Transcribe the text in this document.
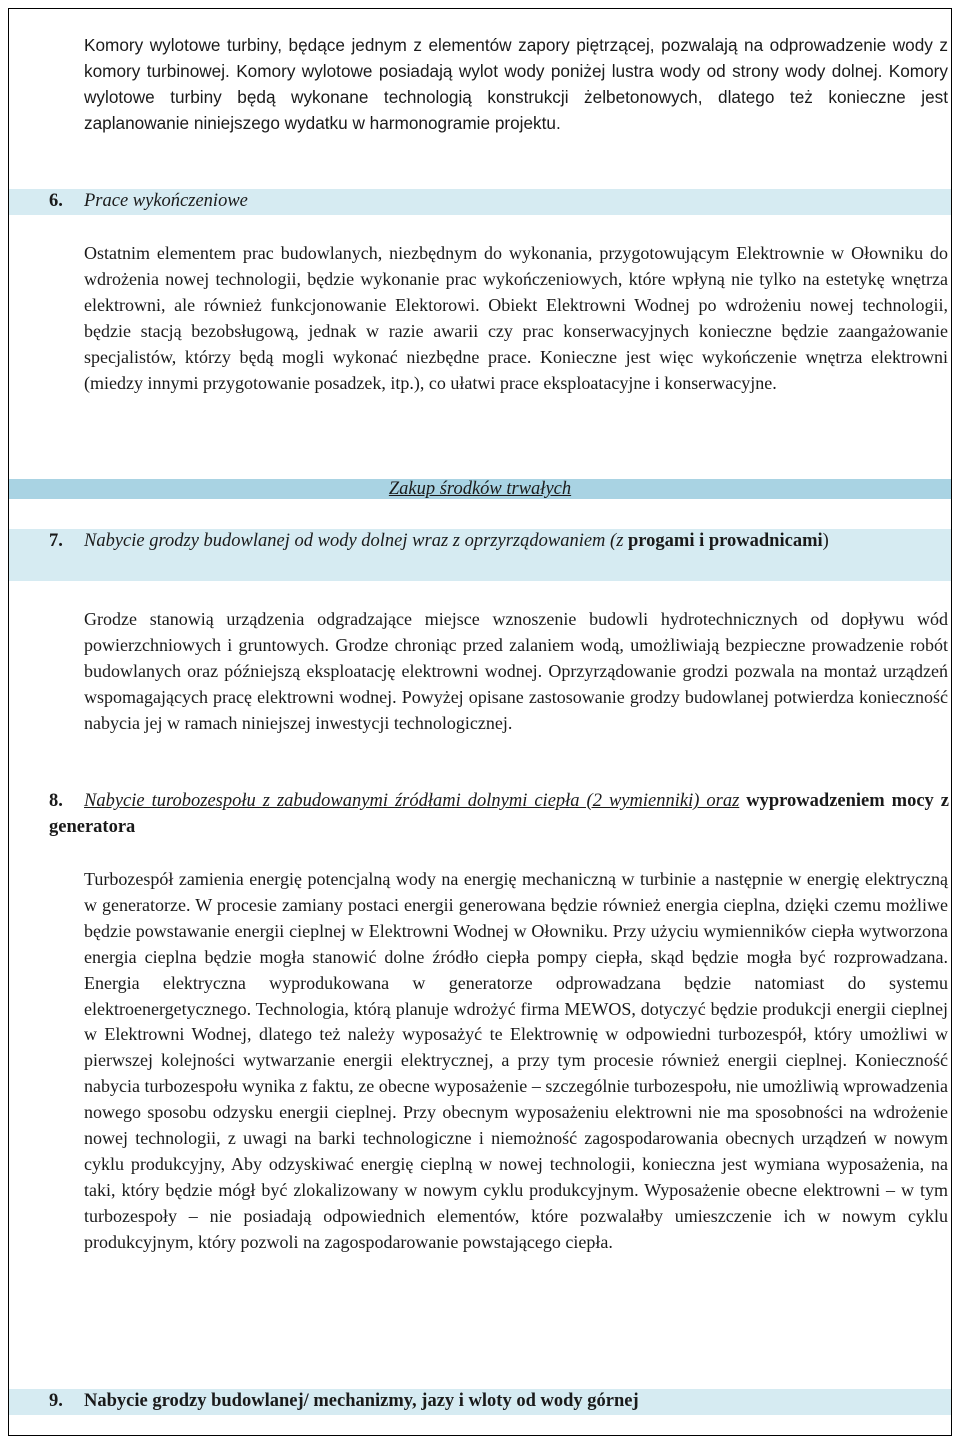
Komory wylotowe turbiny, będące jednym z elementów zapory piętrzącej, pozwalają na odprowadzenie wody z komory turbinowej. Komory wylotowe posiadają wylot wody poniżej lustra wody od strony wody dolnej. Komory wylotowe turbiny będą wykonane technologią konstrukcji żelbetonowych, dlatego też konieczne jest zaplanowanie niniejszego wydatku w harmonogramie projektu.

6. Prace wykończeniowe

Ostatnim elementem prac budowlanych, niezbędnym do wykonania, przygotowującym Elektrownie w Ołowniku do wdrożenia nowej technologii, będzie wykonanie prac wykończeniowych, które wpłyną nie tylko na estetykę wnętrza elektrowni, ale również funkcjonowanie Elektorowi. Obiekt Elektrowni Wodnej po wdrożeniu nowej technologii, będzie stacją bezobsługową, jednak w razie awarii czy prac konserwacyjnych konieczne będzie zaangażowanie specjalistów, którzy będą mogli wykonać niezbędne prace. Konieczne jest więc wykończenie wnętrza elektrowni (miedzy innymi przygotowanie posadzek, itp.), co ułatwi prace eksploatacyjne i konserwacyjne.

Zakup środków trwałych

7. Nabycie grodzy budowlanej od wody dolnej wraz z oprzyrządowaniem (z progami i prowadnicami)

Grodze stanowią urządzenia odgradzające miejsce wznoszenie budowli hydrotechnicznych od dopływu wód powierzchniowych i gruntowych. Grodze chroniąc przed zalaniem wodą, umożliwiają bezpieczne prowadzenie robót budowlanych oraz późniejszą eksploatację elektrowni wodnej. Oprzyrządowanie grodzi pozwala na montaż urządzeń wspomagających pracę elektrowni wodnej. Powyżej opisane zastosowanie grodzy budowlanej potwierdza konieczność nabycia jej w ramach niniejszej inwestycji technologicznej.

8. Nabycie turobozespołu z zabudowanymi źródłami dolnymi ciepła (2 wymienniki) oraz wyprowadzeniem mocy z generatora

Turbozespół zamienia energię potencjalną wody na energię mechaniczną w turbinie a następnie w energię elektryczną w generatorze. W procesie zamiany postaci energii generowana będzie również energia cieplna, dzięki czemu możliwe będzie powstawanie energii cieplnej w Elektrowni Wodnej w Ołowniku. Przy użyciu wymienników ciepła wytworzona energia cieplna będzie mogła stanowić dolne źródło ciepła pompy ciepła, skąd będzie mogła być rozprowadzana. Energia elektryczna wyprodukowana w generatorze odprowadzana będzie natomiast do systemu elektroenergetycznego. Technologia, którą planuje wdrożyć firma MEWOS, dotyczyć będzie produkcji energii cieplnej w Elektrowni Wodnej, dlatego też należy wyposażyć te Elektrownię w odpowiedni turbozespół, który umożliwi w pierwszej kolejności wytwarzanie energii elektrycznej, a przy tym procesie również energii cieplnej. Konieczność nabycia turbozespołu wynika z faktu, ze obecne wyposażenie – szczególnie turbozespołu, nie umożliwią wprowadzenia nowego sposobu odzysku energii cieplnej. Przy obecnym wyposażeniu elektrowni nie ma sposobności na wdrożenie nowej technologii, z uwagi na barki technologiczne i niemożność zagospodarowania obecnych urządzeń w nowym cyklu produkcyjny, Aby odzyskiwać energię cieplną w nowej technologii, konieczna jest wymiana wyposażenia, na taki, który będzie mógł być zlokalizowany w nowym cyklu produkcyjnym. Wyposażenie obecne elektrowni – w tym turbozespoły – nie posiadają odpowiednich elementów, które pozwalałby umieszczenie ich w nowym cyklu produkcyjnym, który pozwoli na zagospodarowanie powstającego ciepła.

9. Nabycie grodzy budowlanej/ mechanizmy, jazy i wloty od wody górnej
